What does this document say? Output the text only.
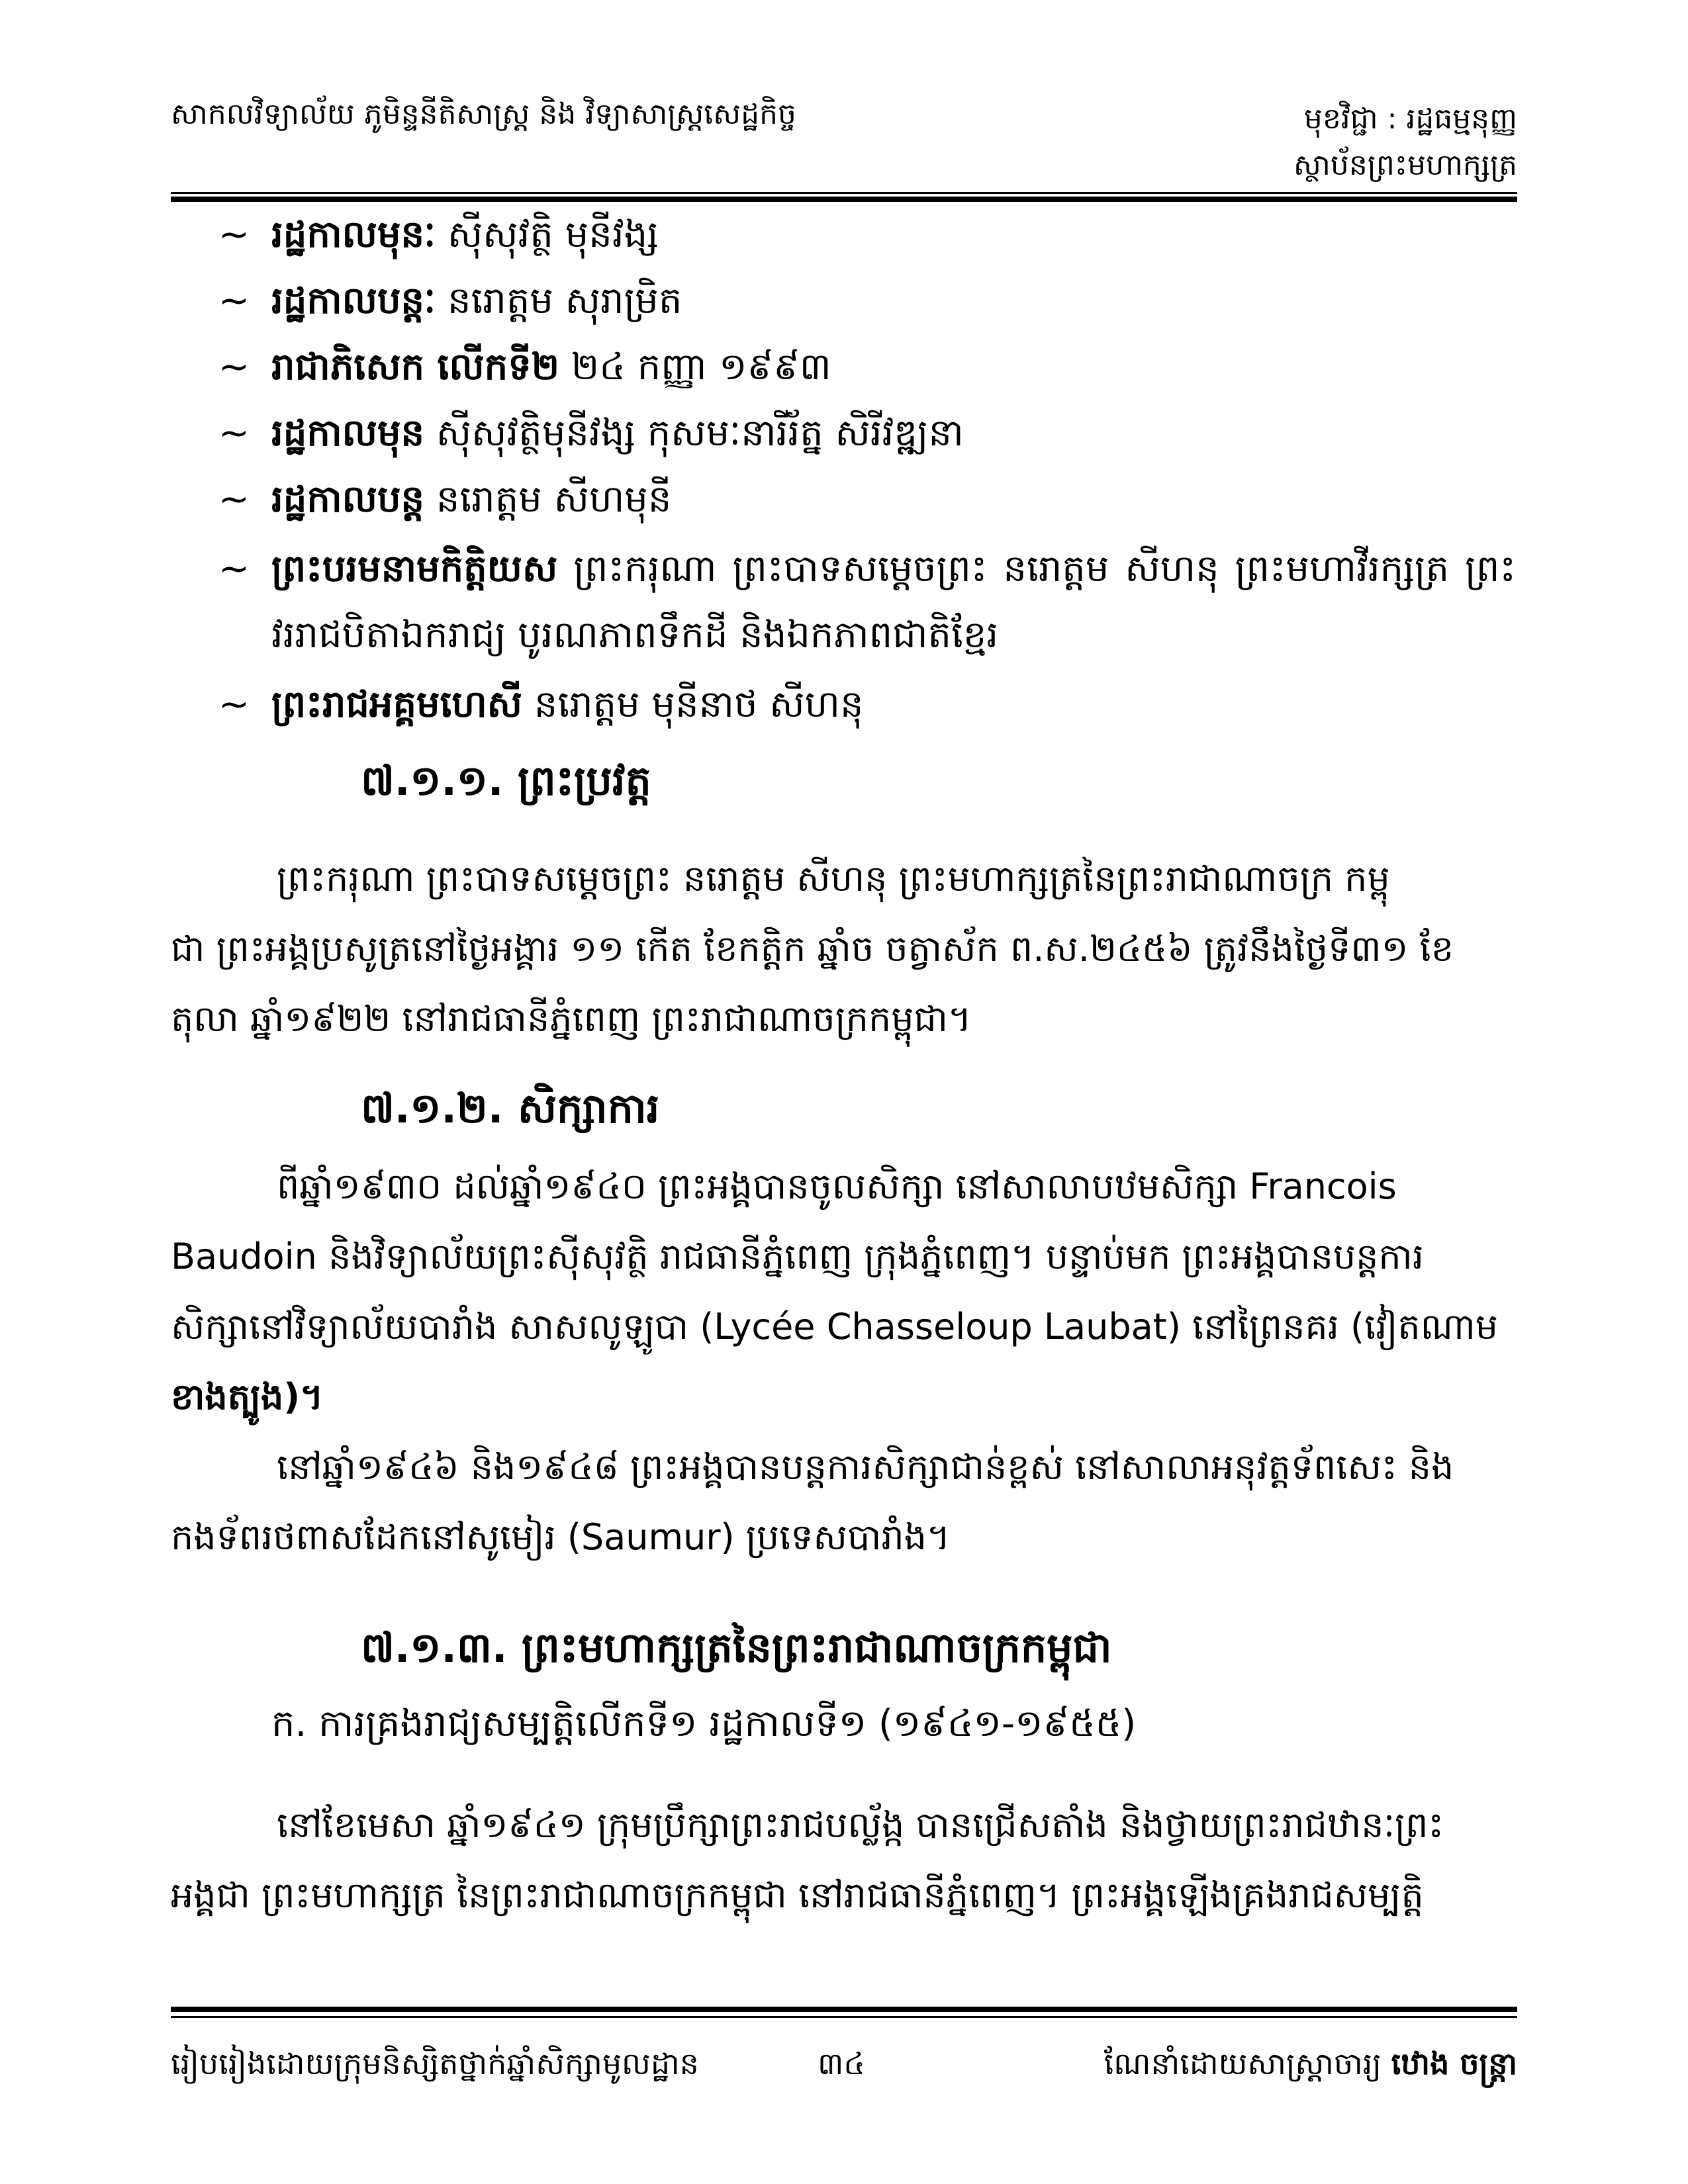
សាកលវិទ្យាល័យ ភូមិន្ទនីតិសាស្ត្រ និង វិទ្យាសាស្ត្រសេដ្ឋកិច្ច	មុខវិជ្ជា : រដ្ឋធម្មនុញ្ញ
ស្ថាប័នព្រះមហាក្សត្រ
~ រដ្ឋកាលមុនៈ ស៊ីសុវត្ថិ មុនីវង្ស
~ រដ្ឋកាលបន្តៈ នរោត្តម សុរាម្រិត
~ រាជាភិសេក លើកទី២ ២៤ កញ្ញា ១៩៩៣
~ រដ្ឋកាលមុន ស៊ីសុវត្ថិមុនីវង្ស កុសមៈនារីរ័ត្ន សិរីវឌ្ឍនា
~ រដ្ឋកាលបន្ត នរោត្តម សីហមុនី
~ ព្រះបរមនាមកិត្តិយស ព្រះករុណា ព្រះបាទសម្តេចព្រះ នរោត្តម សីហនុ ព្រះមហាវីរក្សត្រ ព្រះវររាជបិតាឯករាជ្យ បូរណភាពទឹកដី និងឯកភាពជាតិខ្មែរ
~ ព្រះរាជអគ្គមហេសី នរោត្តម មុនីនាថ សីហនុ
៧.១.១. ព្រះប្រវត្ត
ព្រះករុណា ព្រះបាទសម្តេចព្រះ នរោត្តម សីហនុ ព្រះមហាក្សត្រនៃព្រះរាជាណាចក្រ កម្ពុ
ជា ព្រះអង្គប្រសូត្រនៅថ្ងៃអង្គារ ១១ កើត ខែកត្តិក ឆ្នាំច ចត្វាស័ក ព.ស.២៤៥៦ ត្រូវនឹងថ្ងៃទី៣១ ខែ
តុលា ឆ្នាំ១៩២២ នៅរាជធានីភ្នំពេញ ព្រះរាជាណាចក្រកម្ពុជា។
៧.១.២. សិក្សាការ
ពីឆ្នាំ១៩៣០ ដល់ឆ្នាំ១៩៤០ ព្រះអង្គបានចូលសិក្សា នៅសាលាបឋមសិក្សា Francois
Baudoin និងវិទ្យាល័យព្រះស៊ីសុវត្ថិ រាជធានីភ្នំពេញ ក្រុងភ្នំពេញ។ បន្ទាប់មក ព្រះអង្គបានបន្តការ
សិក្សានៅវិទ្យាល័យបារាំង សាសលូឡូបា (Lycée Chasseloup Laubat) នៅព្រៃនគរ (វៀតណាម
ខាងត្បូង)។
នៅឆ្នាំ១៩៤៦ និង១៩៤៨ ព្រះអង្គបានបន្តការសិក្សាជាន់ខ្ពស់ នៅសាលាអនុវត្តទ័ពសេះ និង
កងទ័ពរថពាសដែកនៅសូមៀរ (Saumur) ប្រទេសបារាំង។
៧.១.៣. ព្រះមហាក្សត្រនៃព្រះរាជាណាចក្រកម្ពុជា
ក. ការគ្រងរាជ្យសម្បត្តិលើកទី១ រដ្ឋកាលទី១ (១៩៤១-១៩៥៥)
នៅខែមេសា ឆ្នាំ១៩៤១ ក្រុមប្រឹក្សាព្រះរាជបល្ល័ង្ក បានជ្រើសតាំង និងថ្វាយព្រះរាជឋានៈព្រះ
អង្គជា ព្រះមហាក្សត្រ នៃព្រះរាជាណាចក្រកម្ពុជា នៅរាជធានីភ្នំពេញ។ ព្រះអង្គឡើងគ្រងរាជសម្បត្តិ
រៀបរៀងដោយក្រុមនិស្សិតថ្នាក់ឆ្នាំសិក្សាមូលដ្ឋាន	៣៤	ណែនាំដោយសាស្ត្រាចារ្យ ឋោង ចន្ត្រា
